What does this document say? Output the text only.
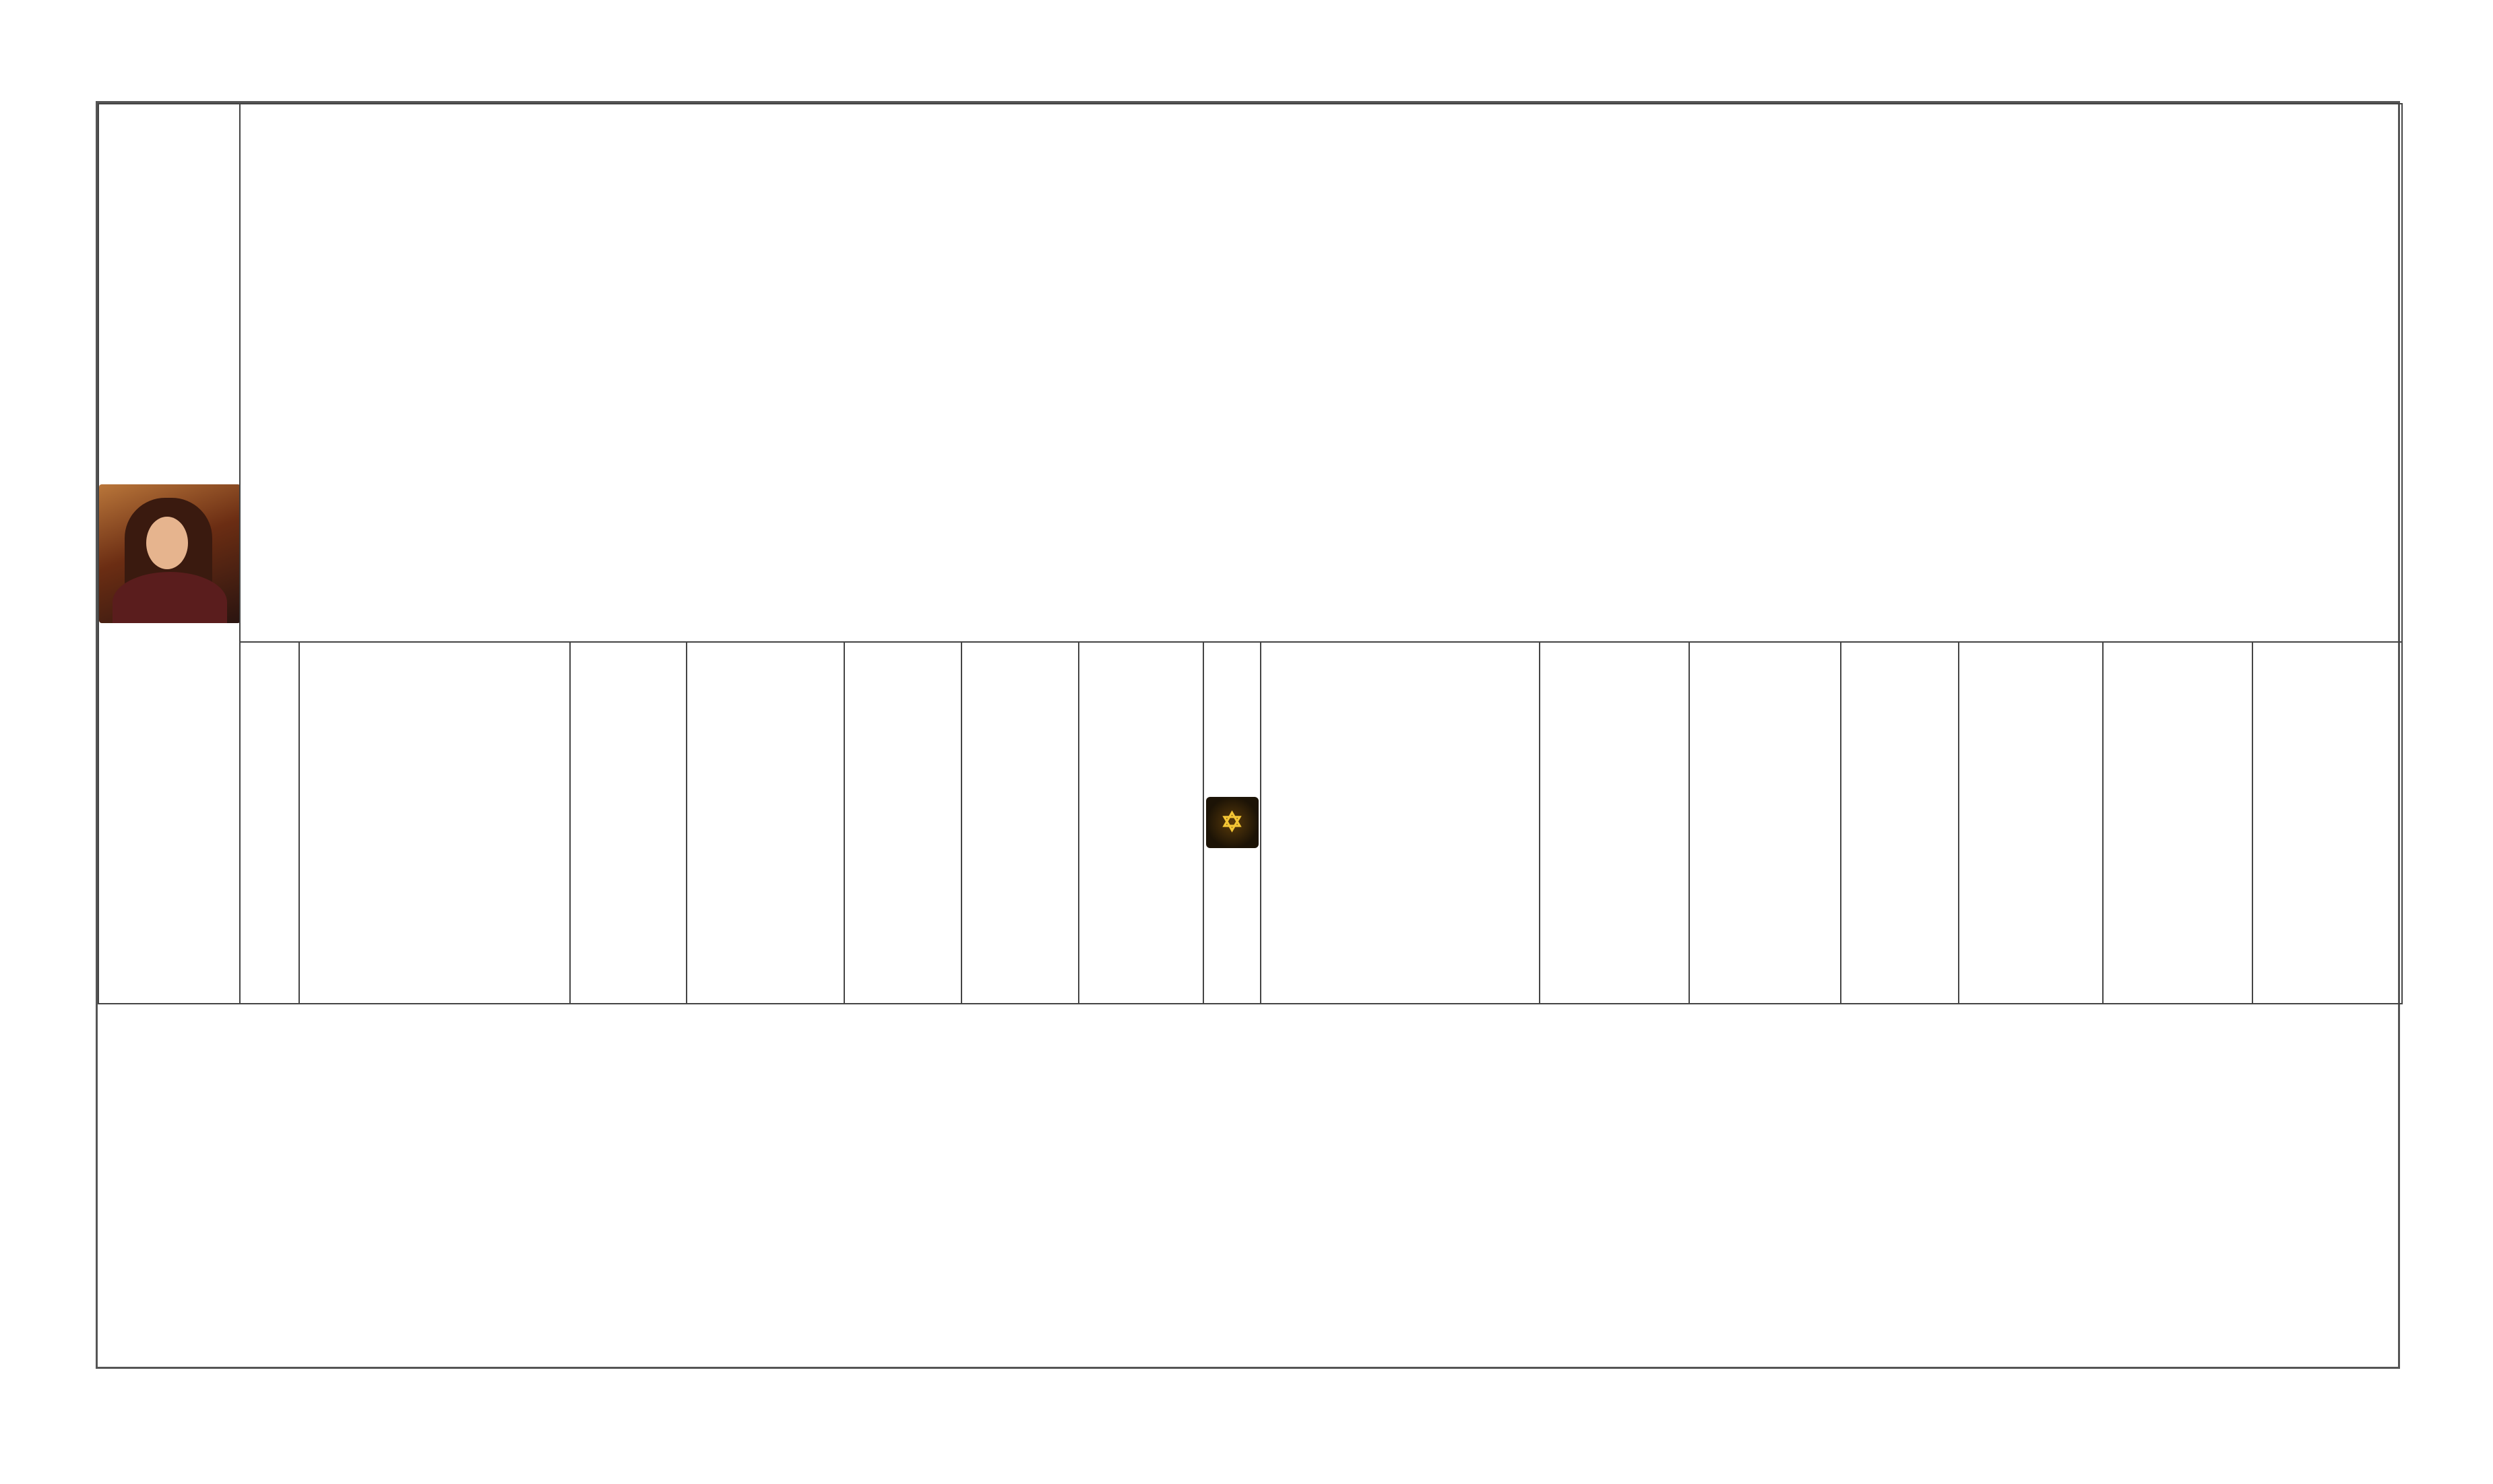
✡							
